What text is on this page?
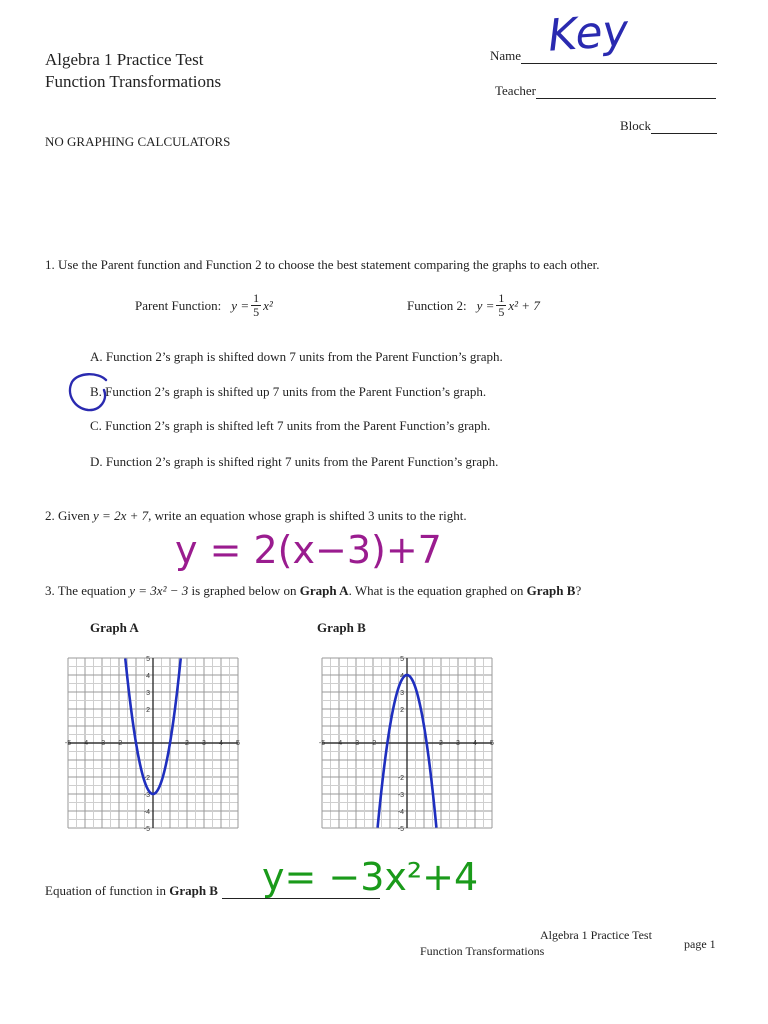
Algebra 1 Practice Test
Function Transformations
Name Key
Teacher
Block
NO GRAPHING CALCULATORS
1. Use the Parent function and Function 2 to choose the best statement comparing the graphs to each other.
Parent Function: $y = \frac{1}{5} x^2$	Function 2: $y = \frac{1}{5} x^2 + 7$
A. Function 2’s graph is shifted down 7 units from the Parent Function’s graph.
B. Function 2’s graph is shifted up 7 units from the Parent Function’s graph.
C. Function 2’s graph is shifted left 7 units from the Parent Function’s graph.
D. Function 2’s graph is shifted right 7 units from the Parent Function’s graph.
2. Given y = 2x + 7, write an equation whose graph is shifted 3 units to the right.
y = 2(x−3)+7
3. The equation y = 3x² − 3 is graphed below on Graph A. What is the equation graphed on Graph B?
Graph A	Graph B
-5 -4 -3 -2	2 3 4 5
5
4
3
2
-2
-3
-4
-5
-5 -4 -3 -2	2 3 4 5
5
4
3
2
-2
-3
-4
-5
Equation of function in Graph B	y= −3x²+4
Algebra 1 Practice Test
Function Transformations	page 1
